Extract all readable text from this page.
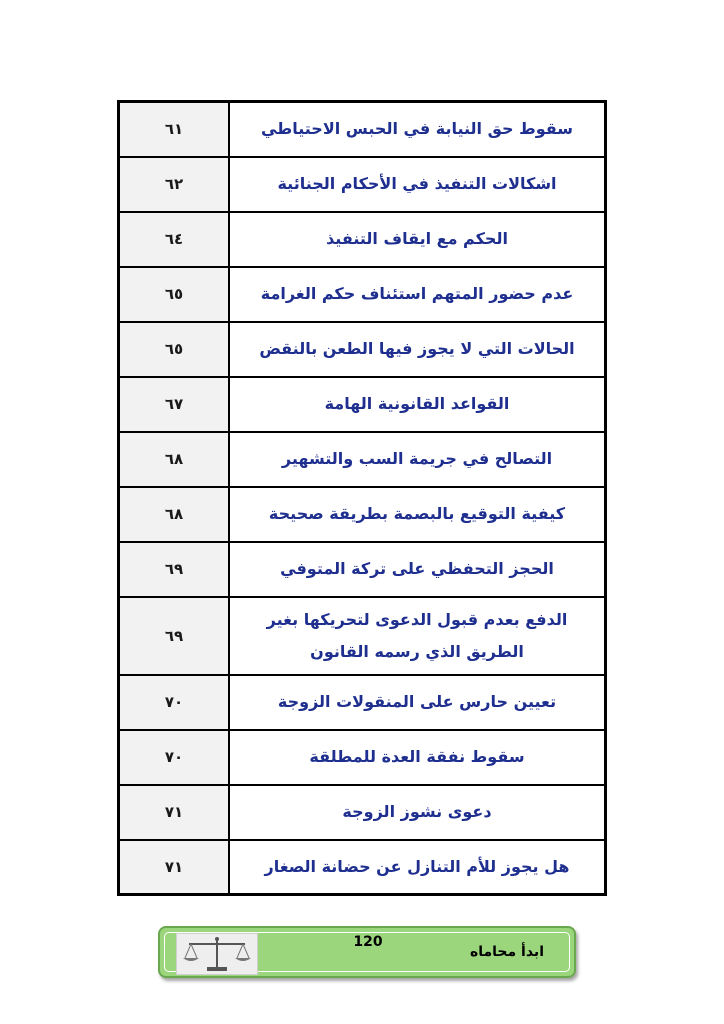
٦١	سقوط حق النيابة في الحبس الاحتياطي
٦٢	اشكالات التنفيذ في الأحكام الجنائية
٦٤	الحكم مع ايقاف التنفيذ
٦٥	عدم حضور المتهم استئناف حكم الغرامة
٦٥	الحالات التي لا يجوز فيها الطعن بالنقض
٦٧	القواعد القانونية الهامة
٦٨	التصالح في جريمة السب والتشهير
٦٨	كيفية التوقيع بالبصمة بطريقة صحيحة
٦٩	الحجز التحفظي على تركة المتوفي
٦٩	الدفع بعدم قبول الدعوى لتحريكها بغير الطريق الذي رسمه القانون
٧٠	تعيين حارس على المنقولات الزوجة
٧٠	سقوط نفقة العدة للمطلقة
٧١	دعوى نشوز الزوجة
٧١	هل يجوز للأم التنازل عن حضانة الصغار
120
ابدأ محاماه
